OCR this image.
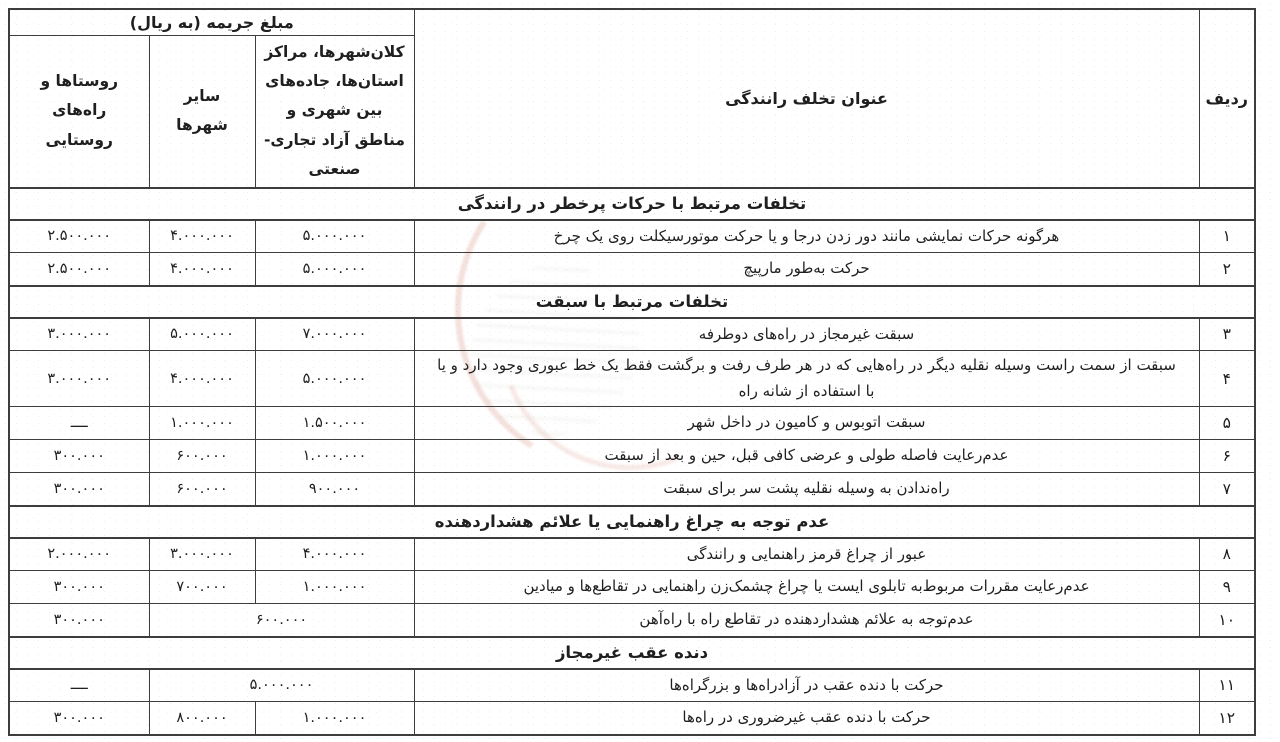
ردیف	عنوان تخلف رانندگی	مبلغ جریمه (به ریال)		
		کلان‌شهرها، مراکز استان‌ها، جاده‌های بین شهری و مناطق آزاد تجاری-صنعتی	سایر شهرها	روستاها و راه‌های روستایی
تخلفات مرتبط با حرکات پرخطر در رانندگی				
۱	هرگونه حرکات نمایشی مانند دور زدن درجا و یا حرکت موتورسیکلت روی یک چرخ	۵.۰۰۰.۰۰۰	۴.۰۰۰.۰۰۰	۲.۵۰۰.۰۰۰
۲	حرکت به‌طور مارپیچ	۵.۰۰۰.۰۰۰	۴.۰۰۰.۰۰۰	۲.۵۰۰.۰۰۰
تخلفات مرتبط با سبقت				
۳	سبقت غیرمجاز در راه‌های دوطرفه	۷.۰۰۰.۰۰۰	۵.۰۰۰.۰۰۰	۳.۰۰۰.۰۰۰
۴	سبقت از سمت راست وسیله نقلیه دیگر در راه‌هایی که در هر طرف رفت و برگشت فقط یک خط عبوری وجود دارد و یا با استفاده از شانه راه	۵.۰۰۰.۰۰۰	۴.۰۰۰.۰۰۰	۳.۰۰۰.۰۰۰
۵	سبقت اتوبوس و کامیون در داخل شهر	۱.۵۰۰.۰۰۰	۱.۰۰۰.۰۰۰	ــــ
۶	عدم‌رعایت فاصله طولی و عرضی کافی قبل، حین و بعد از سبقت	۱.۰۰۰.۰۰۰	۶۰۰.۰۰۰	۳۰۰.۰۰۰
۷	راه‌ندادن به وسیله نقلیه پشت سر برای سبقت	۹۰۰.۰۰۰	۶۰۰.۰۰۰	۳۰۰.۰۰۰
عدم توجه به چراغ راهنمایی یا علائم هشداردهنده				
۸	عبور از چراغ قرمز راهنمایی و رانندگی	۴.۰۰۰.۰۰۰	۳.۰۰۰.۰۰۰	۲.۰۰۰.۰۰۰
۹	عدم‌رعایت مقررات مربوط‌به تابلوی ایست یا چراغ چشمک‌زن راهنمایی در تقاطع‌ها و میادین	۱.۰۰۰.۰۰۰	۷۰۰.۰۰۰	۳۰۰.۰۰۰
۱۰	عدم‌توجه به علائم هشداردهنده در تقاطع راه با راه‌آهن	۶۰۰.۰۰۰		۳۰۰.۰۰۰
دنده عقب غیرمجاز				
۱۱	حرکت با دنده عقب در آزادراه‌ها و بزرگراه‌ها	۵.۰۰۰.۰۰۰		ــــ
۱۲	حرکت با دنده عقب غیرضروری در راه‌ها	۱.۰۰۰.۰۰۰	۸۰۰.۰۰۰	۳۰۰.۰۰۰
